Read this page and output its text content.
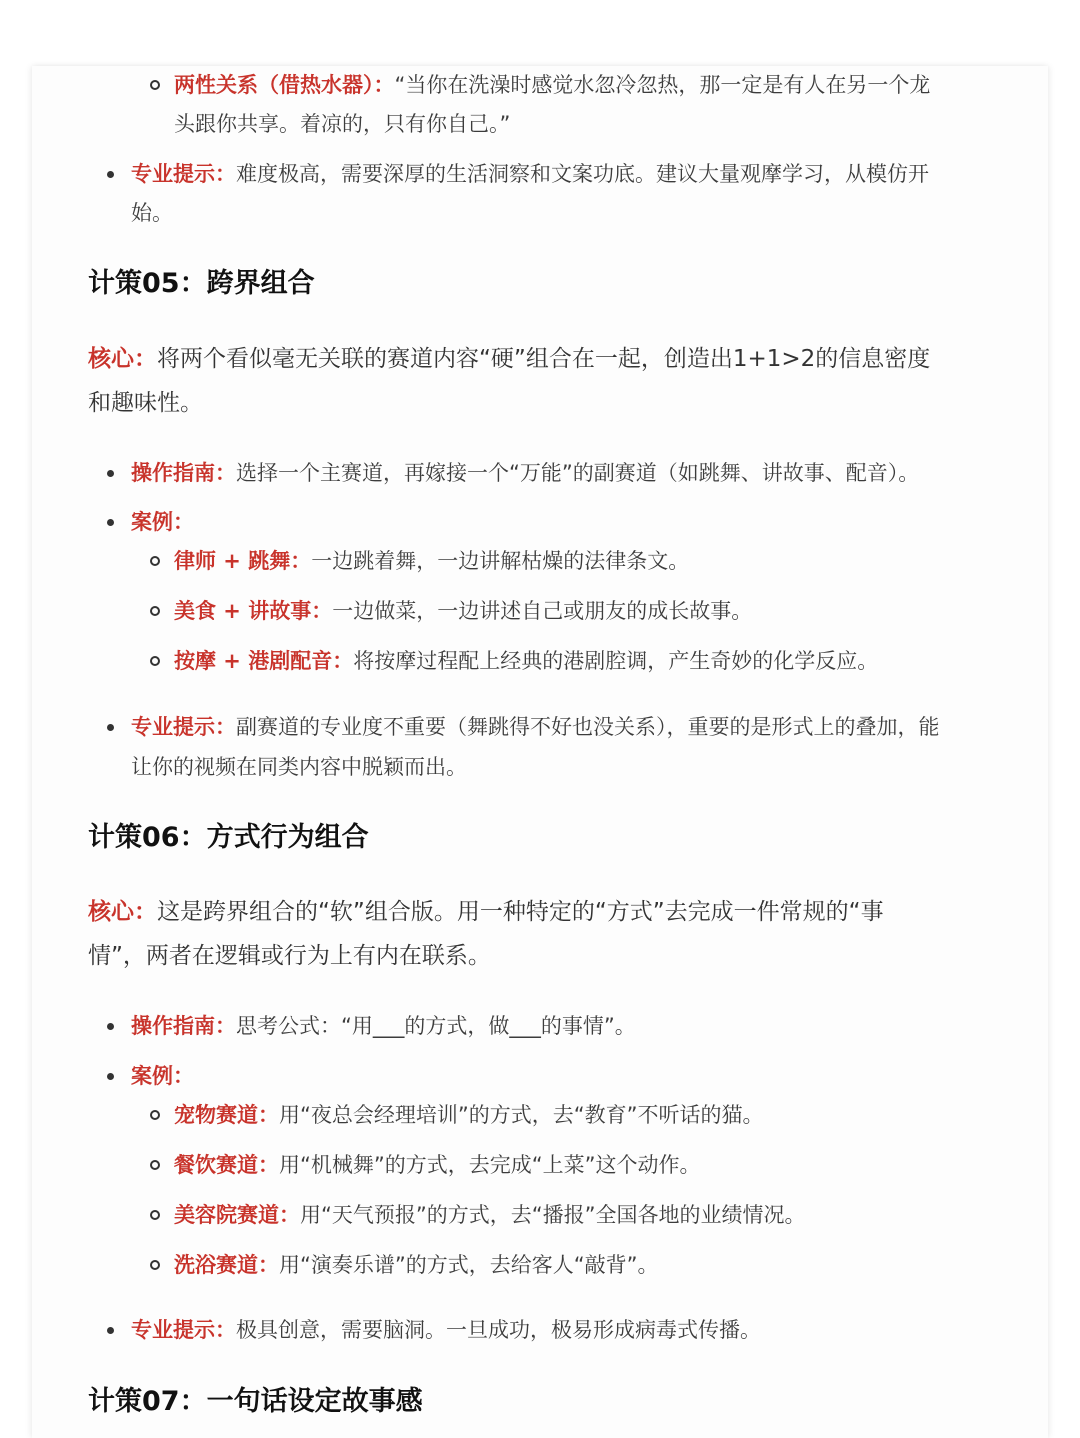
两性关系（借热水器）：“当你在洗澡时感觉水忽冷忽热，那一定是有人在另一个龙
头跟你共享。着凉的，只有你自己。”
专业提示：难度极高，需要深厚的生活洞察和文案功底。建议大量观摩学习，从模仿开
始。
计策05：跨界组合
核心：将两个看似毫无关联的赛道内容“硬”组合在一起，创造出1+1>2的信息密度
和趣味性。
操作指南：选择一个主赛道，再嫁接一个“万能”的副赛道（如跳舞、讲故事、配音）。
案例：
律师 + 跳舞：一边跳着舞，一边讲解枯燥的法律条文。
美食 + 讲故事：一边做菜，一边讲述自己或朋友的成长故事。
按摩 + 港剧配音：将按摩过程配上经典的港剧腔调，产生奇妙的化学反应。
专业提示：副赛道的专业度不重要（舞跳得不好也没关系），重要的是形式上的叠加，能
让你的视频在同类内容中脱颖而出。
计策06：方式行为组合
核心：这是跨界组合的“软”组合版。用一种特定的“方式”去完成一件常规的“事
情”，两者在逻辑或行为上有内在联系。
操作指南：思考公式：“用___的方式，做___的事情”。
案例：
宠物赛道：用“夜总会经理培训”的方式，去“教育”不听话的猫。
餐饮赛道：用“机械舞”的方式，去完成“上菜”这个动作。
美容院赛道：用“天气预报”的方式，去“播报”全国各地的业绩情况。
洗浴赛道：用“演奏乐谱”的方式，去给客人“敲背”。
专业提示：极具创意，需要脑洞。一旦成功，极易形成病毒式传播。
计策07：一句话设定故事感
